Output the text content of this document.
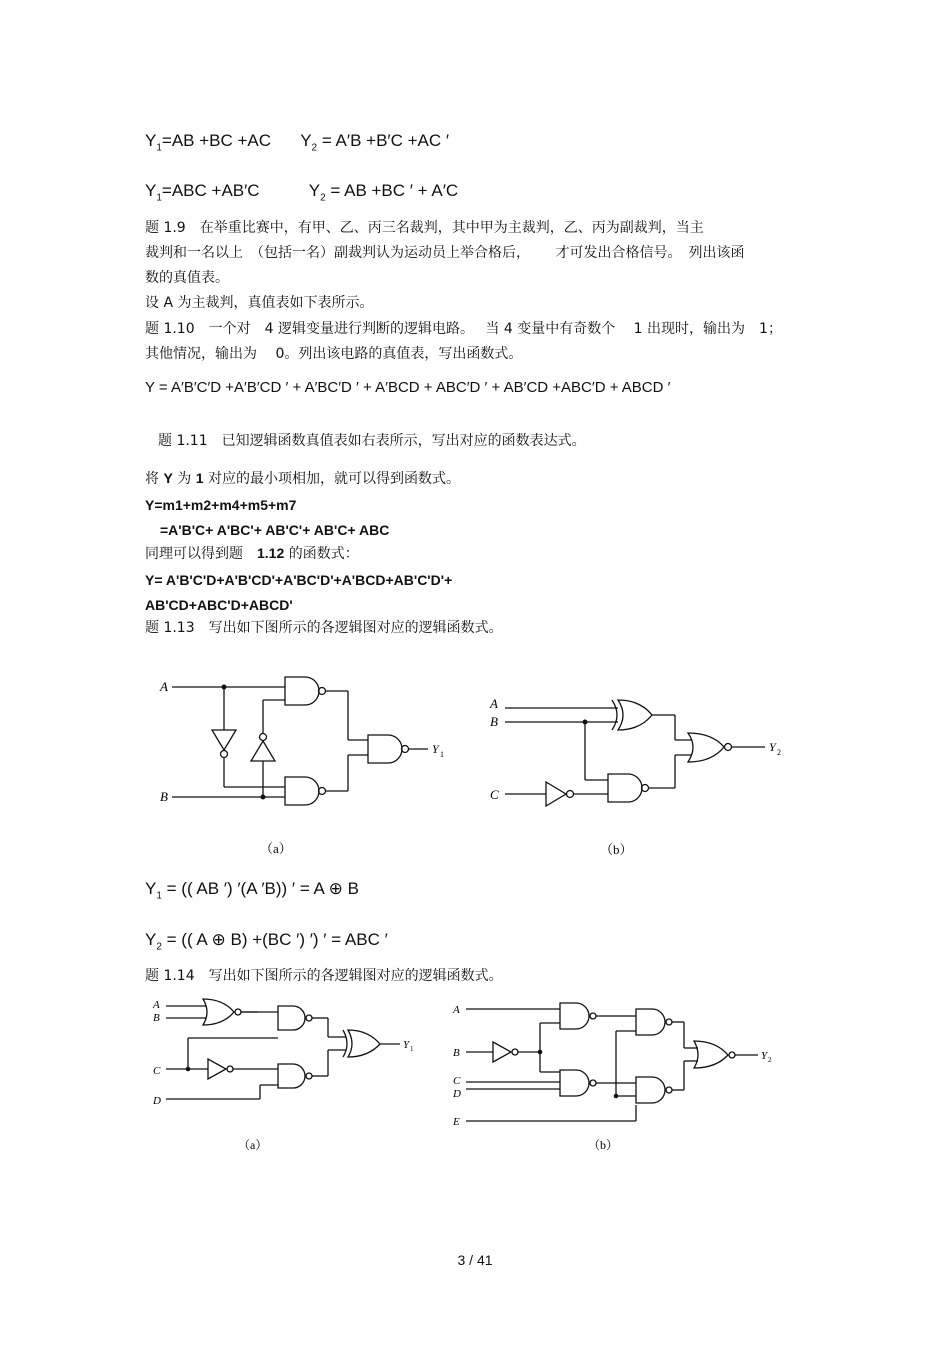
$Y_1=AB +BC +AC$ $Y_2 = A'B +B'C +AC$ ′
$Y_1=ABC +AB'C$	$Y_2$ = AB +BC ′ + A′C
题 1.9　在举重比赛中，有甲、乙、丙三名裁判，其中甲为主裁判，乙、丙为副裁判，当主
裁判和一名以上　（包括一名）副裁判认为运动员上举合格后，　　 才可发出合格信号。　列出该函
数的真值表。
设 A 为主裁判，真值表如下表所示。
题 1.10　一个对　4 逻辑变量进行判断的逻辑电路。　 当 4 变量中有奇数个　 1 出现时，输出为　1；
其他情况，输出为　 0。列出该电路的真值表，写出函数式。
Y = A′B′C′D +A′B′CD ′ + A′BC′D ′ + A′BCD + ABC′D ′ + AB′CD +ABC′D + ABCD ′
题 1.11　已知逻辑函数真值表如右表所示，写出对应的函数表达式。
将 Y 为 1 对应的最小项相加，就可以得到函数式。
Y=m1+m2+m4+m5+m7
=A'B'C+ A'BC'+ AB'C'+ AB'C+ ABC
同理可以得到题　1.12 的函数式：
Y= A'B'C'D+A'B'CD'+A'BC'D'+A'BCD+AB'C'D'+
AB'CD+ABC'D+ABCD'
题 1.13　写出如下图所示的各逻辑图对应的逻辑函数式。
A
B
Y 1
（a）
A
B
C
Y 2
（b）
$Y_1$ = (( AB ′) ′(A ′B)) ′ = A ⊕ B
$Y_2$ = (( A ⊕ B) +(BC ′) ′) ′ = ABC ′
题 1.14　写出如下图所示的各逻辑图对应的逻辑函数式。
A
B
C
D
Y 1
（a）
A
B
C
D
E
Y 2
（b）
3 / 41
